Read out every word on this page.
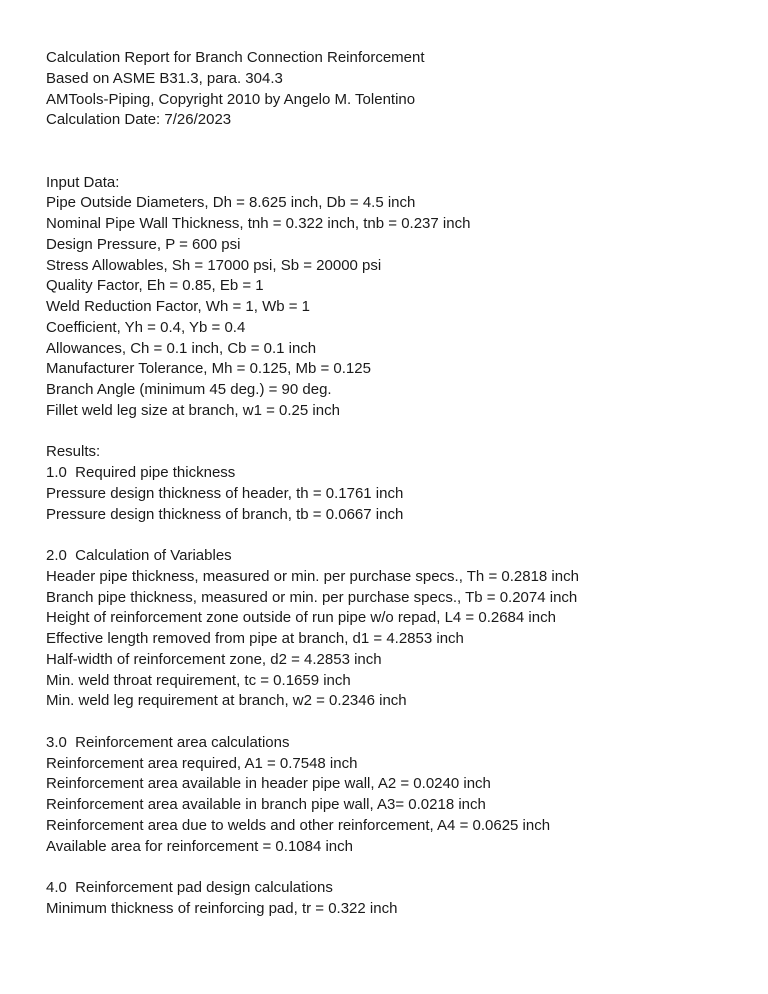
Calculation Report for Branch Connection Reinforcement
Based on ASME B31.3, para. 304.3
AMTools-Piping, Copyright 2010 by Angelo M. Tolentino
Calculation Date: 7/26/2023
Input Data:
Pipe Outside Diameters, Dh = 8.625 inch, Db = 4.5 inch
Nominal Pipe Wall Thickness, tnh = 0.322 inch, tnb = 0.237 inch
Design Pressure, P = 600 psi
Stress Allowables, Sh = 17000 psi, Sb = 20000 psi
Quality Factor, Eh = 0.85, Eb = 1
Weld Reduction Factor, Wh = 1, Wb = 1
Coefficient, Yh = 0.4, Yb = 0.4
Allowances, Ch = 0.1 inch, Cb = 0.1 inch
Manufacturer Tolerance, Mh = 0.125, Mb = 0.125
Branch Angle (minimum 45 deg.) = 90 deg.
Fillet weld leg size at branch, w1 = 0.25 inch
Results:
1.0  Required pipe thickness
Pressure design thickness of header, th = 0.1761 inch
Pressure design thickness of branch, tb = 0.0667 inch
2.0  Calculation of Variables
Header pipe thickness, measured or min. per purchase specs., Th = 0.2818 inch
Branch pipe thickness, measured or min. per purchase specs., Tb = 0.2074 inch
Height of reinforcement zone outside of run pipe w/o repad, L4 = 0.2684 inch
Effective length removed from pipe at branch, d1 = 4.2853 inch
Half-width of reinforcement zone, d2 = 4.2853 inch
Min. weld throat requirement, tc = 0.1659 inch
Min. weld leg requirement at branch, w2 = 0.2346 inch
3.0  Reinforcement area calculations
Reinforcement area required, A1 = 0.7548 inch
Reinforcement area available in header pipe wall, A2 = 0.0240 inch
Reinforcement area available in branch pipe wall, A3= 0.0218 inch
Reinforcement area due to welds and other reinforcement, A4 = 0.0625 inch
Available area for reinforcement = 0.1084 inch
4.0  Reinforcement pad design calculations
Minimum thickness of reinforcing pad, tr = 0.322 inch
